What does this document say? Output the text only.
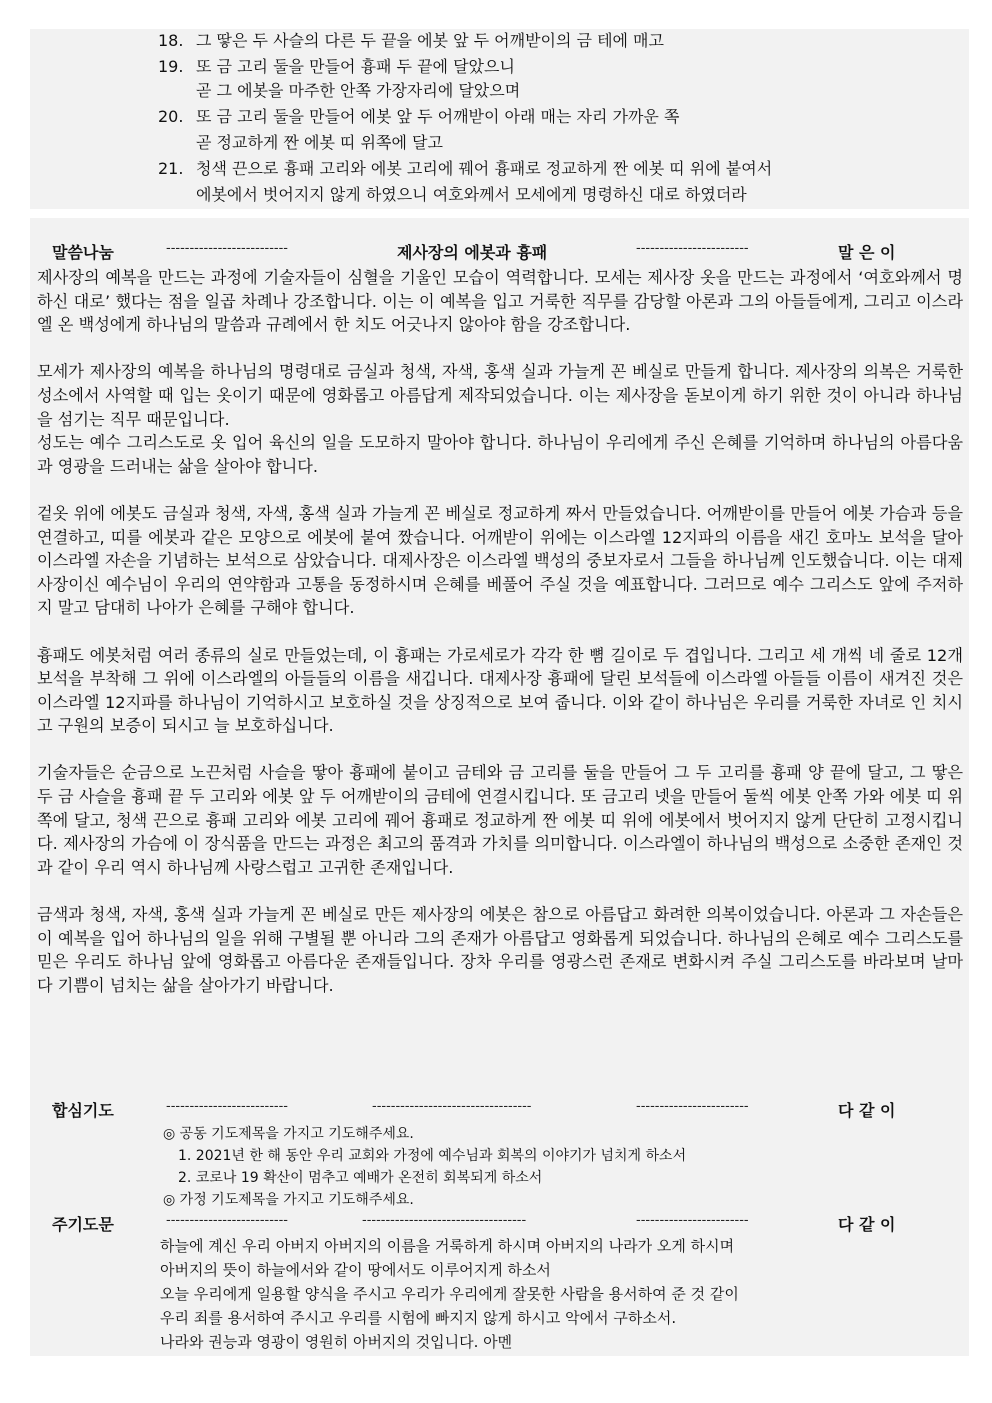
18. 그 땋은 두 사슬의 다른 두 끝을 에봇 앞 두 어깨받이의 금 테에 매고
19. 또 금 고리 둘을 만들어 흉패 두 끝에 달았으니
곧 그 에봇을 마주한 안쪽 가장자리에 달았으며
20. 또 금 고리 둘을 만들어 에봇 앞 두 어깨받이 아래 매는 자리 가까운 쪽
곧 정교하게 짠 에봇 띠 위쪽에 달고
21. 청색 끈으로 흉패 고리와 에봇 고리에 꿰어 흉패로 정교하게 짠 에봇 띠 위에 붙여서
에봇에서 벗어지지 않게 하였으니 여호와께서 모세에게 명령하신 대로 하였더라
말씀나눔	--------------------------	제사장의 에봇과 흉패	------------------------	말 은 이

제사장의 예복을 만드는 과정에 기술자들이 심혈을 기울인 모습이 역력합니다. 모세는 제사장 옷을 만드는 과정에서 ‘여호와께서 명하신 대로’ 했다는 점을 일곱 차례나 강조합니다. 이는 이 예복을 입고 거룩한 직무를 감당할 아론과 그의 아들들에게, 그리고 이스라엘 온 백성에게 하나님의 말씀과 규례에서 한 치도 어긋나지 않아야 함을 강조합니다.

모세가 제사장의 예복을 하나님의 명령대로 금실과 청색, 자색, 홍색 실과 가늘게 꼰 베실로 만들게 합니다. 제사장의 의복은 거룩한 성소에서 사역할 때 입는 옷이기 때문에 영화롭고 아름답게 제작되었습니다. 이는 제사장을 돋보이게 하기 위한 것이 아니라 하나님을 섬기는 직무 때문입니다.

성도는 예수 그리스도로 옷 입어 육신의 일을 도모하지 말아야 합니다. 하나님이 우리에게 주신 은혜를 기억하며 하나님의 아름다움과 영광을 드러내는 삶을 살아야 합니다.

겉옷 위에 에봇도 금실과 청색, 자색, 홍색 실과 가늘게 꼰 베실로 정교하게 짜서 만들었습니다. 어깨받이를 만들어 에봇 가슴과 등을 연결하고, 띠를 에봇과 같은 모양으로 에봇에 붙여 짰습니다. 어깨받이 위에는 이스라엘 12지파의 이름을 새긴 호마노 보석을 달아 이스라엘 자손을 기념하는 보석으로 삼았습니다. 대제사장은 이스라엘 백성의 중보자로서 그들을 하나님께 인도했습니다. 이는 대제사장이신 예수님이 우리의 연약함과 고통을 동정하시며 은혜를 베풀어 주실 것을 예표합니다. 그러므로 예수 그리스도 앞에 주저하지 말고 담대히 나아가 은혜를 구해야 합니다.

흉패도 에봇처럼 여러 종류의 실로 만들었는데, 이 흉패는 가로세로가 각각 한 뼘 길이로 두 겹입니다. 그리고 세 개씩 네 줄로 12개 보석을 부착해 그 위에 이스라엘의 아들들의 이름을 새깁니다. 대제사장 흉패에 달린 보석들에 이스라엘 아들들 이름이 새겨진 것은 이스라엘 12지파를 하나님이 기억하시고 보호하실 것을 상징적으로 보여 줍니다. 이와 같이 하나님은 우리를 거룩한 자녀로 인 치시고 구원의 보증이 되시고 늘 보호하십니다.

기술자들은 순금으로 노끈처럼 사슬을 땋아 흉패에 붙이고 금테와 금 고리를 둘을 만들어 그 두 고리를 흉패 양 끝에 달고, 그 땋은 두 금 사슬을 흉패 끝 두 고리와 에봇 앞 두 어깨받이의 금테에 연결시킵니다. 또 금고리 넷을 만들어 둘씩 에봇 안쪽 가와 에봇 띠 위쪽에 달고, 청색 끈으로 흉패 고리와 에봇 고리에 꿰어 흉패로 정교하게 짠 에봇 띠 위에 에봇에서 벗어지지 않게 단단히 고정시킵니다. 제사장의 가슴에 이 장식품을 만드는 과정은 최고의 품격과 가치를 의미합니다. 이스라엘이 하나님의 백성으로 소중한 존재인 것과 같이 우리 역시 하나님께 사랑스럽고 고귀한 존재입니다.

금색과 청색, 자색, 홍색 실과 가늘게 꼰 베실로 만든 제사장의 에봇은 참으로 아름답고 화려한 의복이었습니다. 아론과 그 자손들은 이 예복을 입어 하나님의 일을 위해 구별될 뿐 아니라 그의 존재가 아름답고 영화롭게 되었습니다. 하나님의 은혜로 예수 그리스도를 믿은 우리도 하나님 앞에 영화롭고 아름다운 존재들입니다. 장차 우리를 영광스런 존재로 변화시켜 주실 그리스도를 바라보며 날마다 기쁨이 넘치는 삶을 살아가기 바랍니다.

합심기도	--------------------------	----------------------------------	------------------------	다 같 이
◎ 공동 기도제목을 가지고 기도해주세요.
1. 2021년 한 해 동안 우리 교회와 가정에 예수님과 회복의 이야기가 넘치게 하소서
2. 코로나 19 확산이 멈추고 예배가 온전히 회복되게 하소서
◎ 가정 기도제목을 가지고 기도해주세요.
주기도문	--------------------------	-----------------------------------	------------------------	다 같 이
하늘에 계신 우리 아버지 아버지의 이름을 거룩하게 하시며 아버지의 나라가 오게 하시며
아버지의 뜻이 하늘에서와 같이 땅에서도 이루어지게 하소서
오늘 우리에게 일용할 양식을 주시고 우리가 우리에게 잘못한 사람을 용서하여 준 것 같이
우리 죄를 용서하여 주시고 우리를 시험에 빠지지 않게 하시고 악에서 구하소서.
나라와 권능과 영광이 영원히 아버지의 것입니다. 아멘
